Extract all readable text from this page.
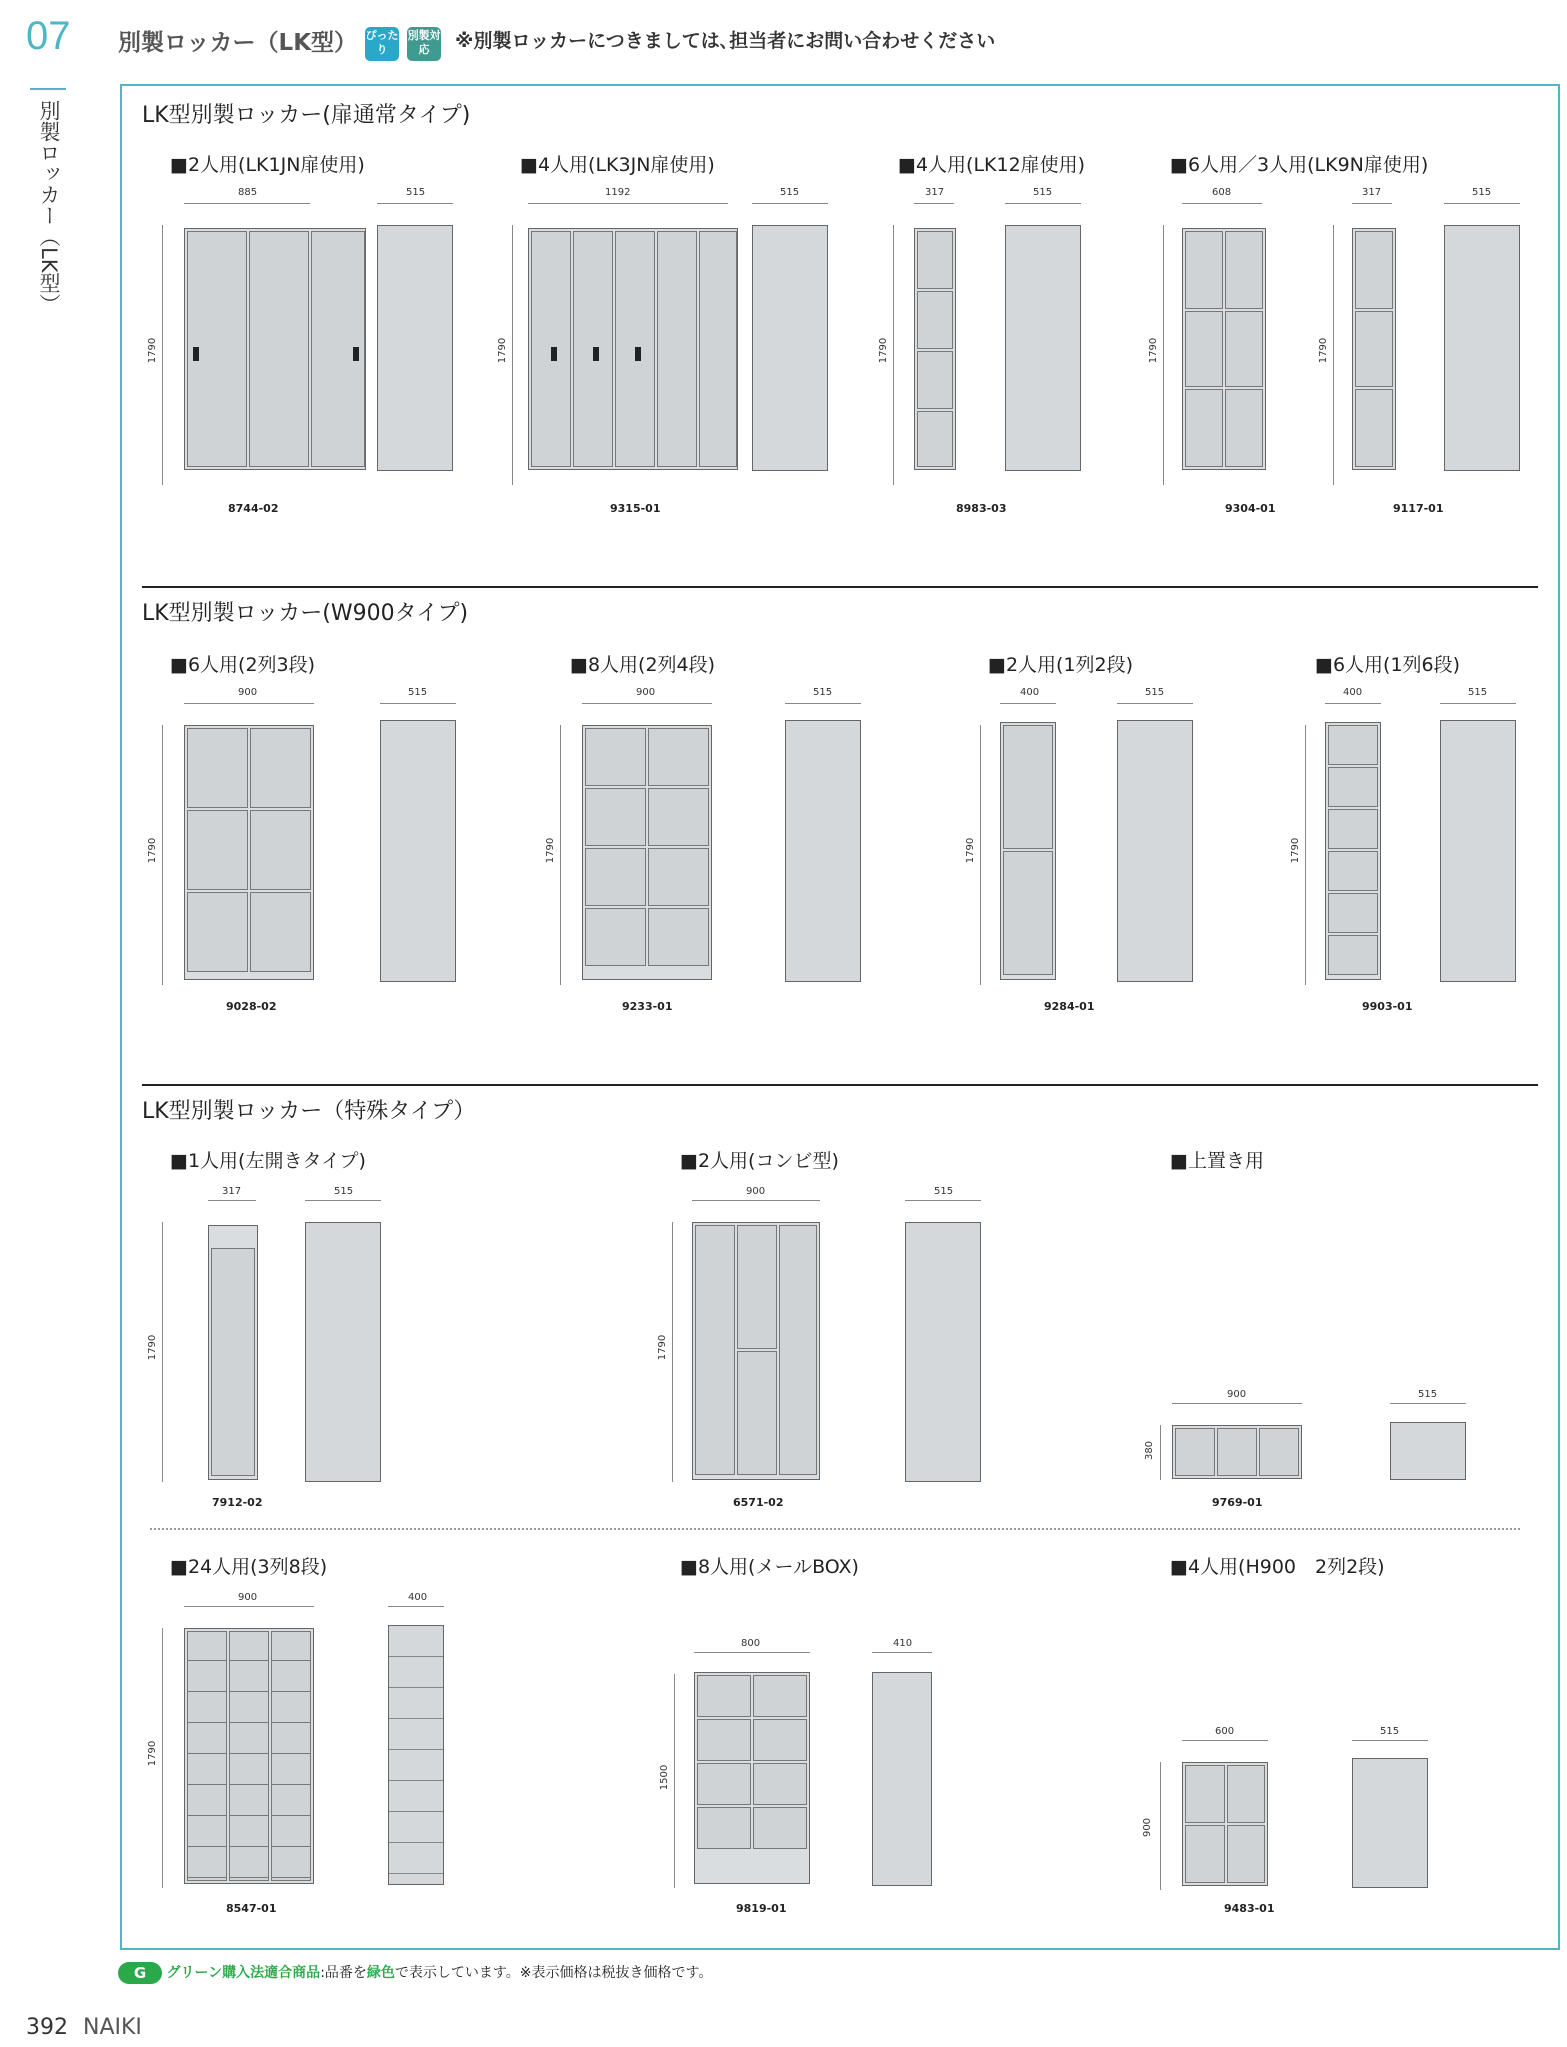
07 別製ロッカー（LK型） ぴったり 別製対応	※別製ロッカーにつきましては､担当者にお問い合わせください
別製ロッカー（LK型）	LK型別製ロッカー(扉通常タイプ)
■2人用(LK1JN扉使用)
885	515
1790
8744-02
■4人用(LK3JN扉使用)
1192	515
1790
9315-01
■4人用(LK12扉使用)
317	515
1790
8983-03
■6人用／3人用(LK9N扉使用)
608	317	515
1790	1790
9304-01	9117-01
LK型別製ロッカー(W900タイプ)
■6人用(2列3段)
900	515
1790
9028-02
■8人用(2列4段)
900	515
1790
9233-01
■2人用(1列2段)
400	515
1790
9284-01
■6人用(1列6段)
400	515
1790
9903-01
LK型別製ロッカー（特殊タイプ）
■1人用(左開きタイプ)
317	515
1790
7912-02
■2人用(コンビ型)
900	515
1790
6571-02
■上置き用
900	515
380
9769-01
■24人用(3列8段)
900	400
1790
8547-01
■8人用(メールBOX)
800	410
1500
9819-01
■4人用(H900　2列2段)
600	515
900
9483-01
G グリーン購入法適合商品:品番を緑色で表示しています。※表示価格は税抜き価格です。
392 NAIKI
